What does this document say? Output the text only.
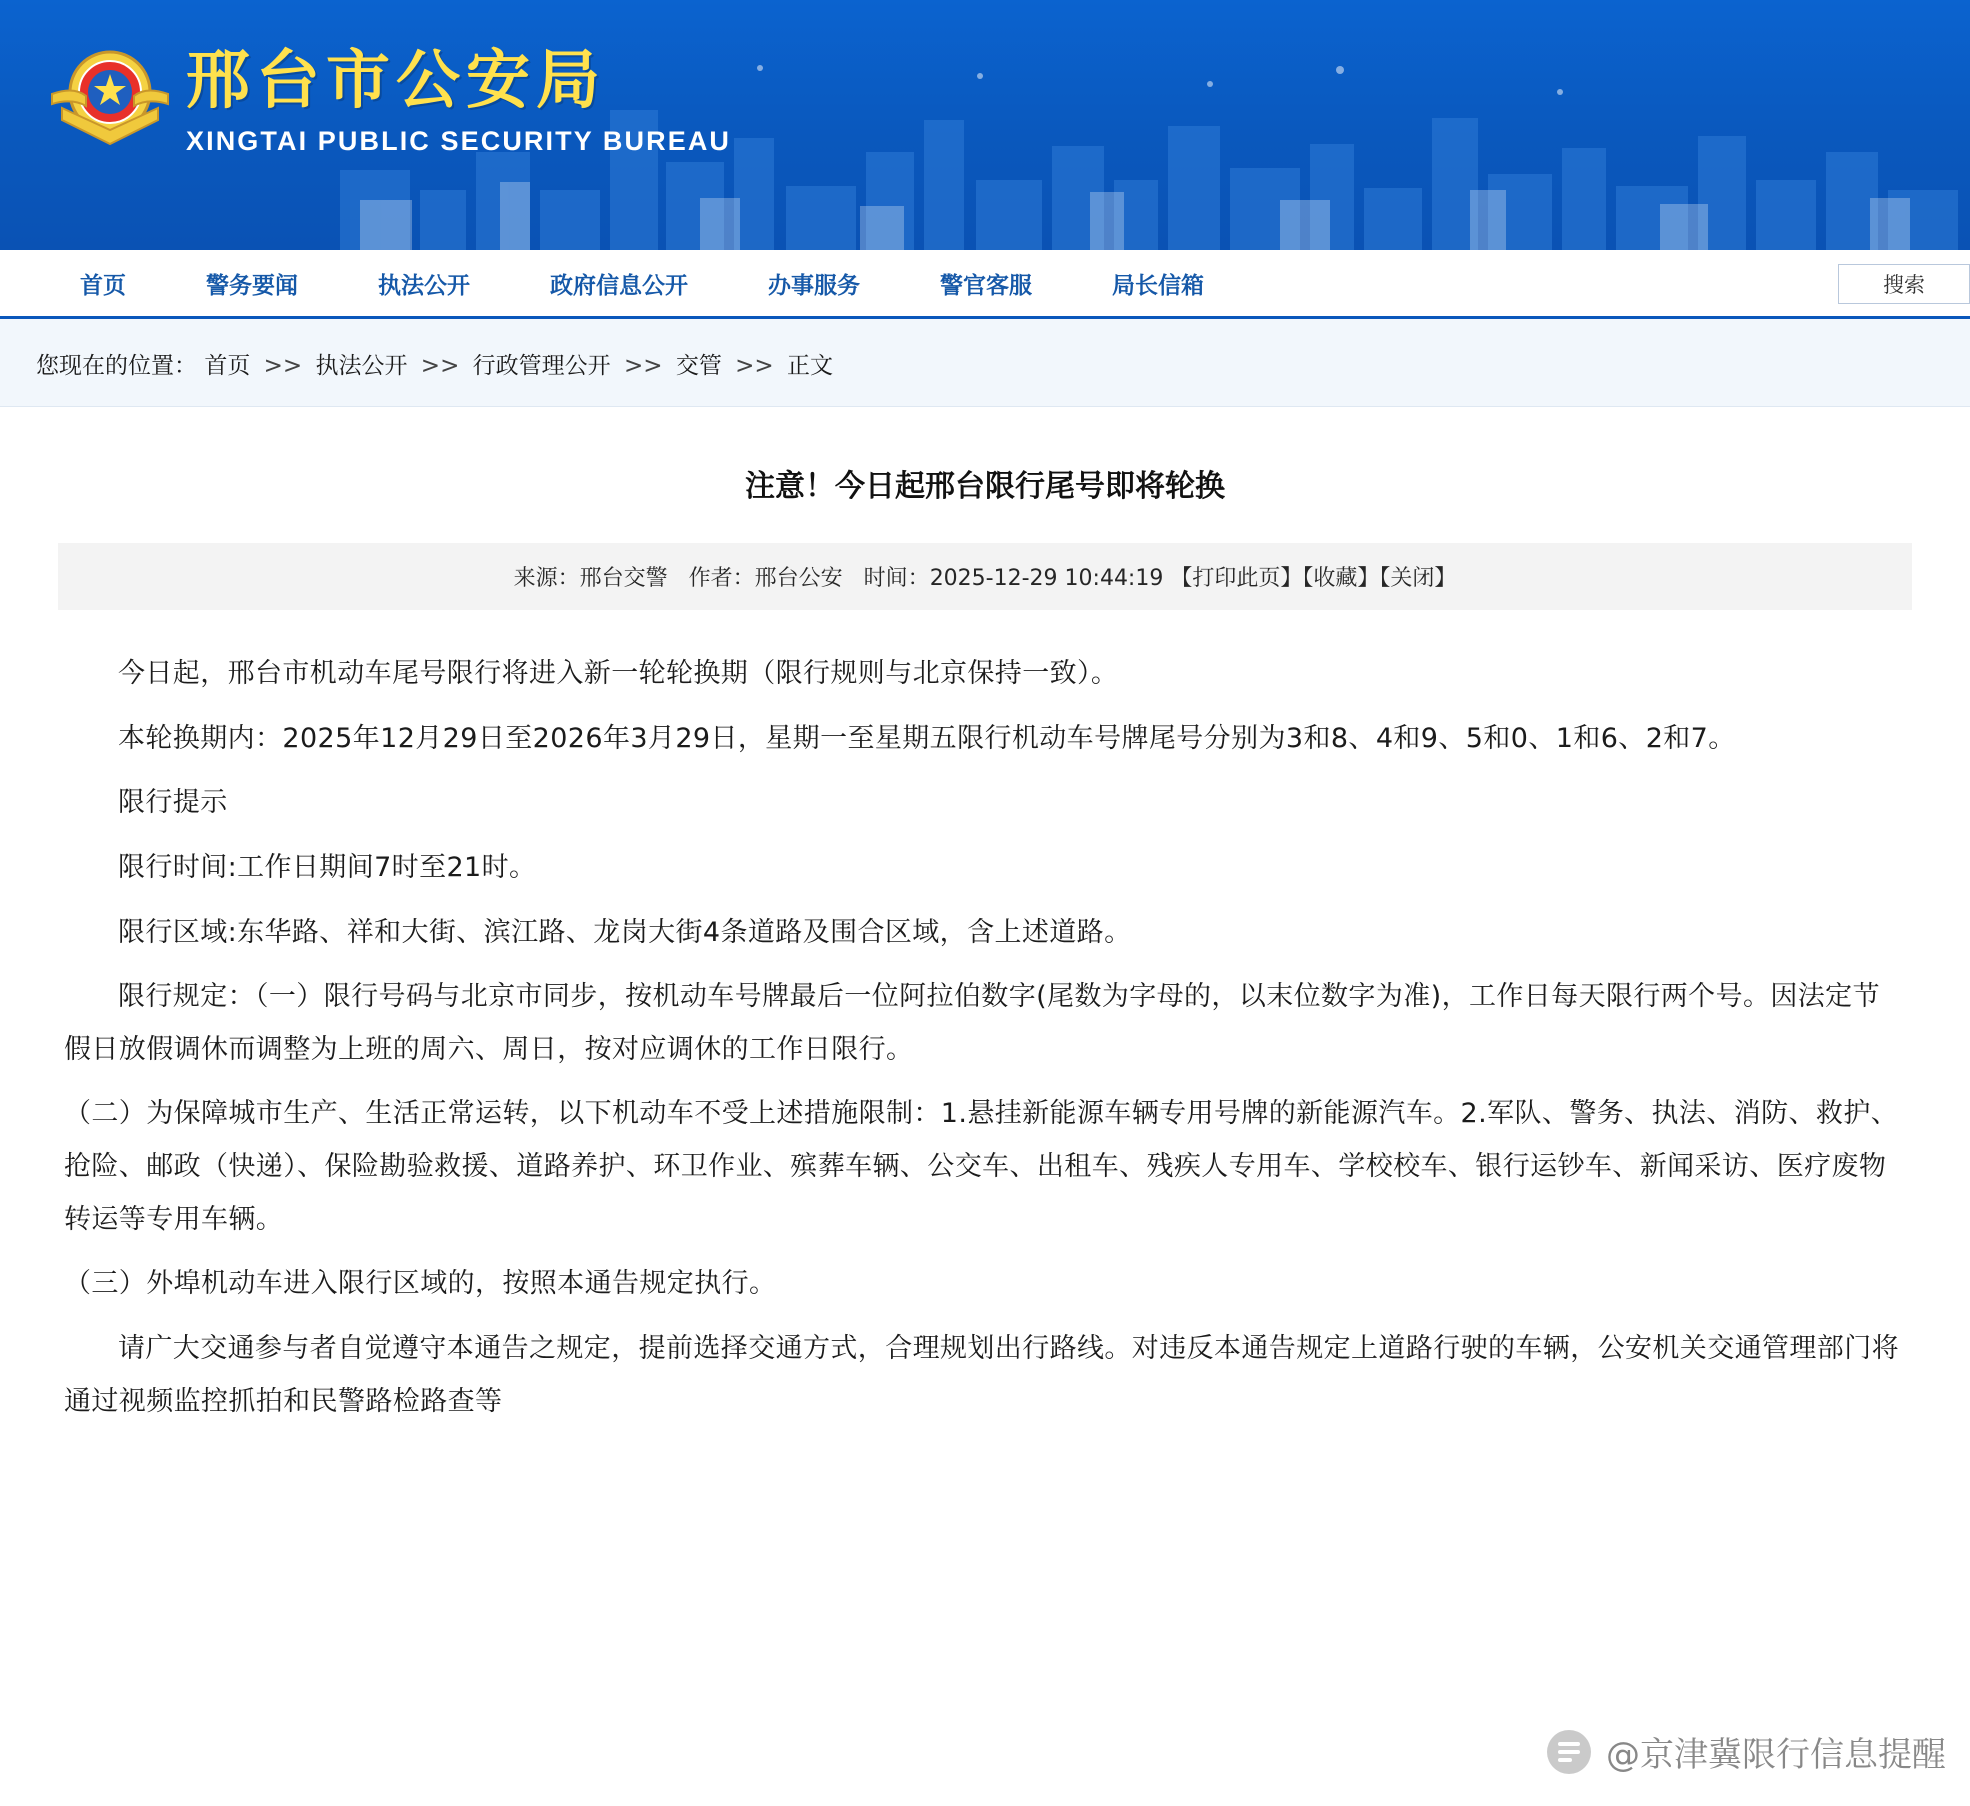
邢台市公安局
XINGTAI PUBLIC SECURITY BUREAU
首页	警务要闻	执法公开	政府信息公开	办事服务	警官客服	局长信箱	搜索
您现在的位置： 首页 >> 执法公开 >> 行政管理公开 >> 交管 >> 正文
注意！今日起邢台限行尾号即将轮换
来源：邢台交警 作者：邢台公安 时间：2025-12-29 10:44:19 【打印此页】【收藏】【关闭】

今日起，邢台市机动车尾号限行将进入新一轮轮换期（限行规则与北京保持一致）。

本轮换期内：2025年12月29日至2026年3月29日，星期一至星期五限行机动车号牌尾号分别为3和8、4和9、5和0、1和6、2和7。

限行提示

限行时间:工作日期间7时至21时。

限行区域:东华路、祥和大街、滨江路、龙岗大街4条道路及围合区域，含上述道路。

限行规定：（一）限行号码与北京市同步，按机动车号牌最后一位阿拉伯数字(尾数为字母的，以末位数字为准)，工作日每天限行两个号。因法定节假日放假调休而调整为上班的周六、周日，按对应调休的工作日限行。

（二）为保障城市生产、生活正常运转，以下机动车不受上述措施限制：1.悬挂新能源车辆专用号牌的新能源汽车。2.军队、警务、执法、消防、救护、抢险、邮政（快递）、保险勘验救援、道路养护、环卫作业、殡葬车辆、公交车、出租车、残疾人专用车、学校校车、银行运钞车、新闻采访、医疗废物转运等专用车辆。

（三）外埠机动车进入限行区域的，按照本通告规定执行。

请广大交通参与者自觉遵守本通告之规定，提前选择交通方式，合理规划出行路线。对违反本通告规定上道路行驶的车辆，公安机关交通管理部门将通过视频监控抓拍和民警路检路查等

@京津冀限行信息提醒
